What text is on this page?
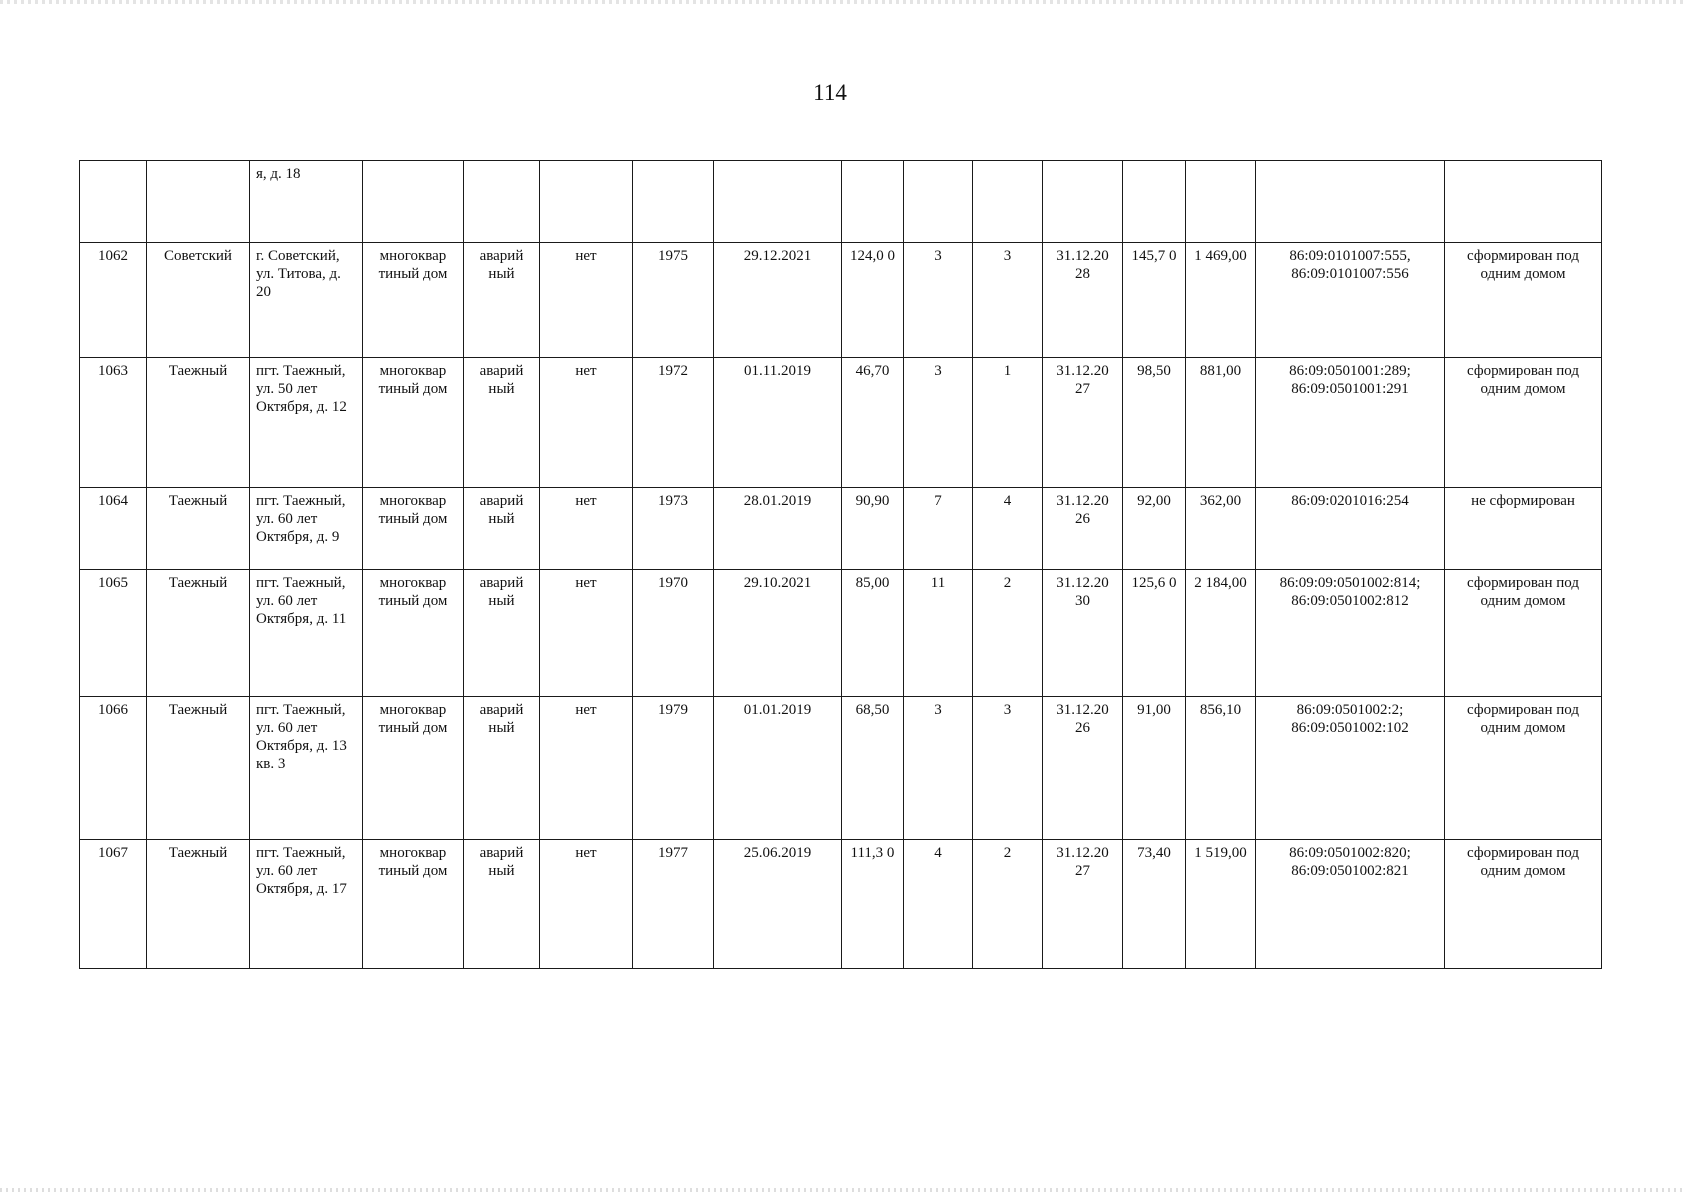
114
		я, д. 18													
1062	Советский	г. Советский, ул. Титова, д. 20	многоквар тиный дом	аварий ный	нет	1975	29.12.2021	124,0 0	3	3	31.12.20 28	145,7 0	1 469,00	86:09:0101007:555, 86:09:0101007:556	сформирован под одним домом
1063	Таежный	пгт. Таежный, ул. 50 лет Октября, д. 12	многоквар тиный дом	аварий ный	нет	1972	01.11.2019	46,70	3	1	31.12.20 27	98,50	881,00	86:09:0501001:289; 86:09:0501001:291	сформирован под одним домом
1064	Таежный	пгт. Таежный, ул. 60 лет Октября, д. 9	многоквар тиный дом	аварий ный	нет	1973	28.01.2019	90,90	7	4	31.12.20 26	92,00	362,00	86:09:0201016:254	не сформирован
1065	Таежный	пгт. Таежный, ул. 60 лет Октября, д. 11	многоквар тиный дом	аварий ный	нет	1970	29.10.2021	85,00	11	2	31.12.20 30	125,6 0	2 184,00	86:09:09:0501002:814; 86:09:0501002:812	сформирован под одним домом
1066	Таежный	пгт. Таежный, ул. 60 лет Октября, д. 13 кв. 3	многоквар тиный дом	аварий ный	нет	1979	01.01.2019	68,50	3	3	31.12.20 26	91,00	856,10	86:09:0501002:2; 86:09:0501002:102	сформирован под одним домом
1067	Таежный	пгт. Таежный, ул. 60 лет Октября, д. 17	многоквар тиный дом	аварий ный	нет	1977	25.06.2019	111,3 0	4	2	31.12.20 27	73,40	1 519,00	86:09:0501002:820; 86:09:0501002:821	сформирован под одним домом
